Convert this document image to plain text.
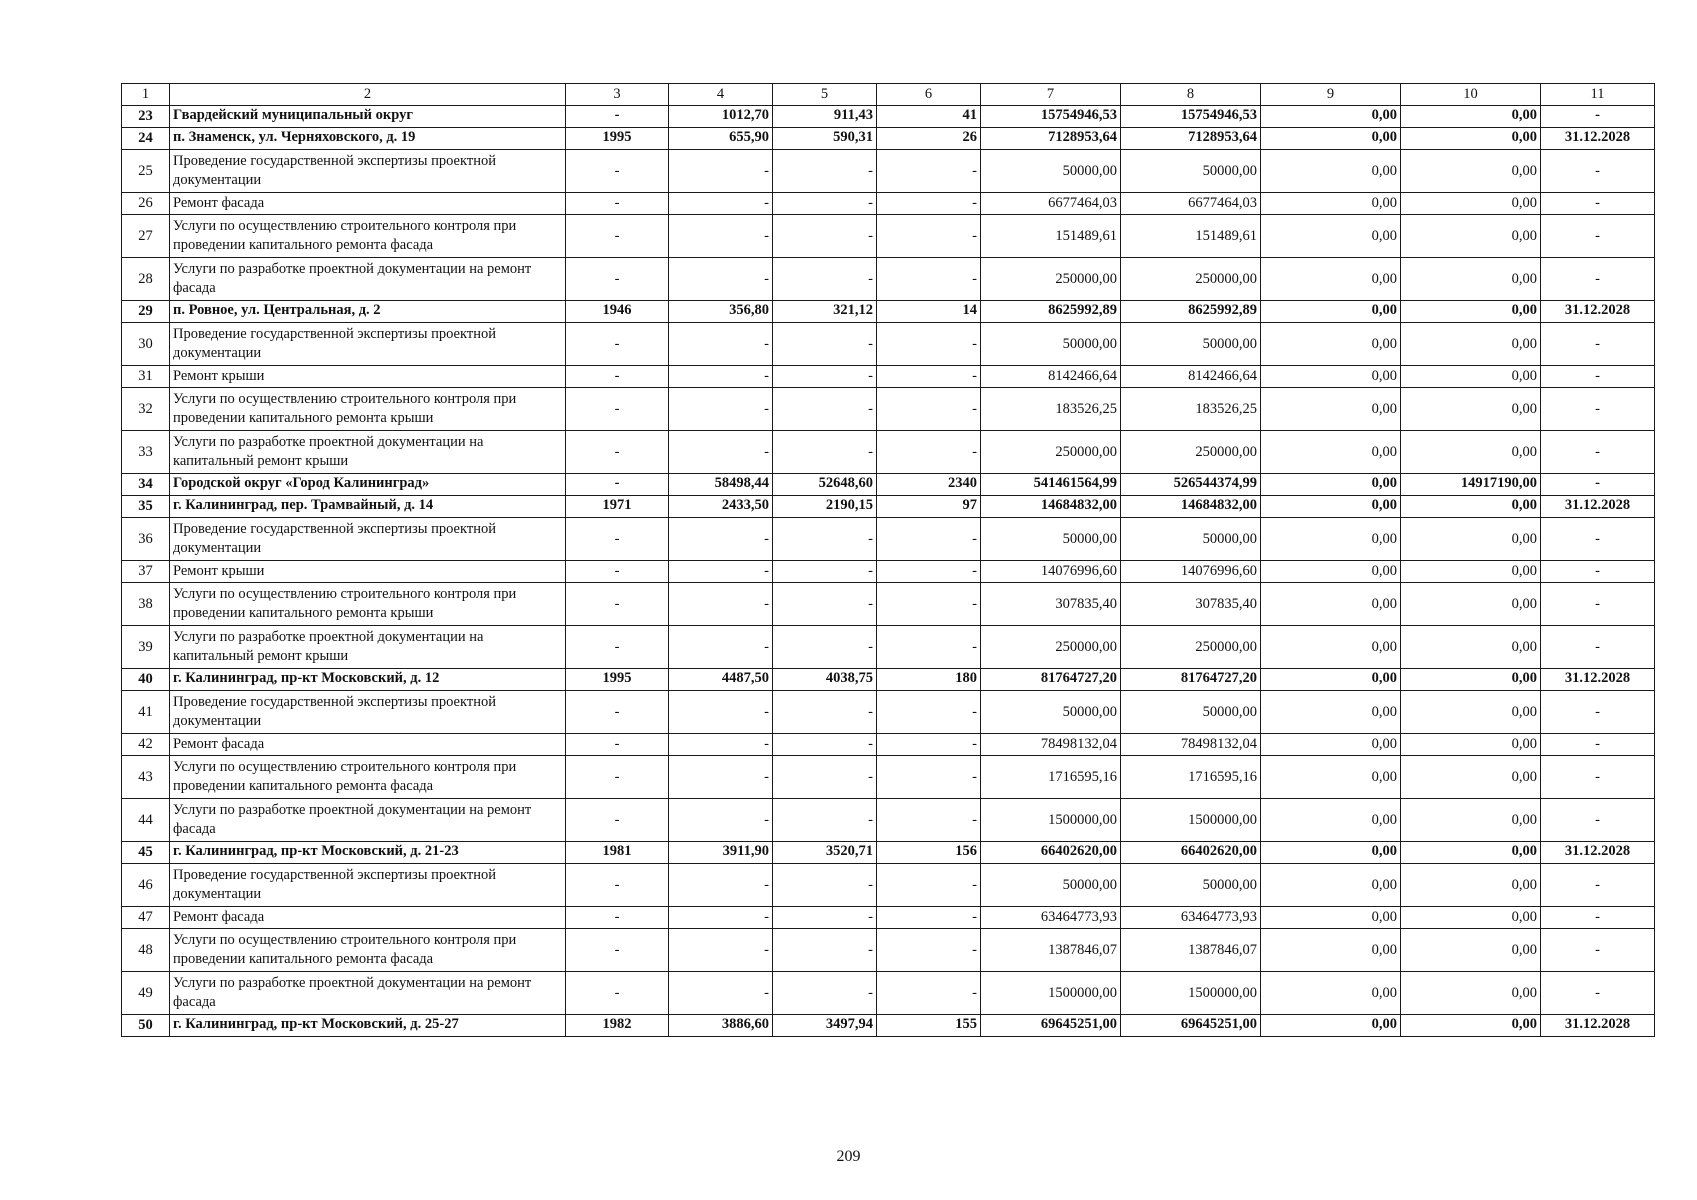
1	2	3	4	5	6	7	8	9	10	11
23	Гвардейский муниципальный округ	-	1012,70	911,43	41	15754946,53	15754946,53	0,00	0,00	-
24	п. Знаменск, ул. Черняховского, д. 19	1995	655,90	590,31	26	7128953,64	7128953,64	0,00	0,00	31.12.2028
25	Проведение государственной экспертизы проектной документации	-	-	-	-	50000,00	50000,00	0,00	0,00	-
26	Ремонт фасада	-	-	-	-	6677464,03	6677464,03	0,00	0,00	-
27	Услуги по осуществлению строительного контроля при проведении капитального ремонта фасада	-	-	-	-	151489,61	151489,61	0,00	0,00	-
28	Услуги по разработке проектной документации на ремонт фасада	-	-	-	-	250000,00	250000,00	0,00	0,00	-
29	п. Ровное, ул. Центральная, д. 2	1946	356,80	321,12	14	8625992,89	8625992,89	0,00	0,00	31.12.2028
30	Проведение государственной экспертизы проектной документации	-	-	-	-	50000,00	50000,00	0,00	0,00	-
31	Ремонт крыши	-	-	-	-	8142466,64	8142466,64	0,00	0,00	-
32	Услуги по осуществлению строительного контроля при проведении капитального ремонта крыши	-	-	-	-	183526,25	183526,25	0,00	0,00	-
33	Услуги по разработке проектной документации на капитальный ремонт крыши	-	-	-	-	250000,00	250000,00	0,00	0,00	-
34	Городской округ «Город Калининград»	-	58498,44	52648,60	2340	541461564,99	526544374,99	0,00	14917190,00	-
35	г. Калининград, пер. Трамвайный, д. 14	1971	2433,50	2190,15	97	14684832,00	14684832,00	0,00	0,00	31.12.2028
36	Проведение государственной экспертизы проектной документации	-	-	-	-	50000,00	50000,00	0,00	0,00	-
37	Ремонт крыши	-	-	-	-	14076996,60	14076996,60	0,00	0,00	-
38	Услуги по осуществлению строительного контроля при проведении капитального ремонта крыши	-	-	-	-	307835,40	307835,40	0,00	0,00	-
39	Услуги по разработке проектной документации на капитальный ремонт крыши	-	-	-	-	250000,00	250000,00	0,00	0,00	-
40	г. Калининград, пр-кт Московский, д. 12	1995	4487,50	4038,75	180	81764727,20	81764727,20	0,00	0,00	31.12.2028
41	Проведение государственной экспертизы проектной документации	-	-	-	-	50000,00	50000,00	0,00	0,00	-
42	Ремонт фасада	-	-	-	-	78498132,04	78498132,04	0,00	0,00	-
43	Услуги по осуществлению строительного контроля при проведении капитального ремонта фасада	-	-	-	-	1716595,16	1716595,16	0,00	0,00	-
44	Услуги по разработке проектной документации на ремонт фасада	-	-	-	-	1500000,00	1500000,00	0,00	0,00	-
45	г. Калининград, пр-кт Московский, д. 21-23	1981	3911,90	3520,71	156	66402620,00	66402620,00	0,00	0,00	31.12.2028
46	Проведение государственной экспертизы проектной документации	-	-	-	-	50000,00	50000,00	0,00	0,00	-
47	Ремонт фасада	-	-	-	-	63464773,93	63464773,93	0,00	0,00	-
48	Услуги по осуществлению строительного контроля при проведении капитального ремонта фасада	-	-	-	-	1387846,07	1387846,07	0,00	0,00	-
49	Услуги по разработке проектной документации на ремонт фасада	-	-	-	-	1500000,00	1500000,00	0,00	0,00	-
50	г. Калининград, пр-кт Московский, д. 25-27	1982	3886,60	3497,94	155	69645251,00	69645251,00	0,00	0,00	31.12.2028
209
